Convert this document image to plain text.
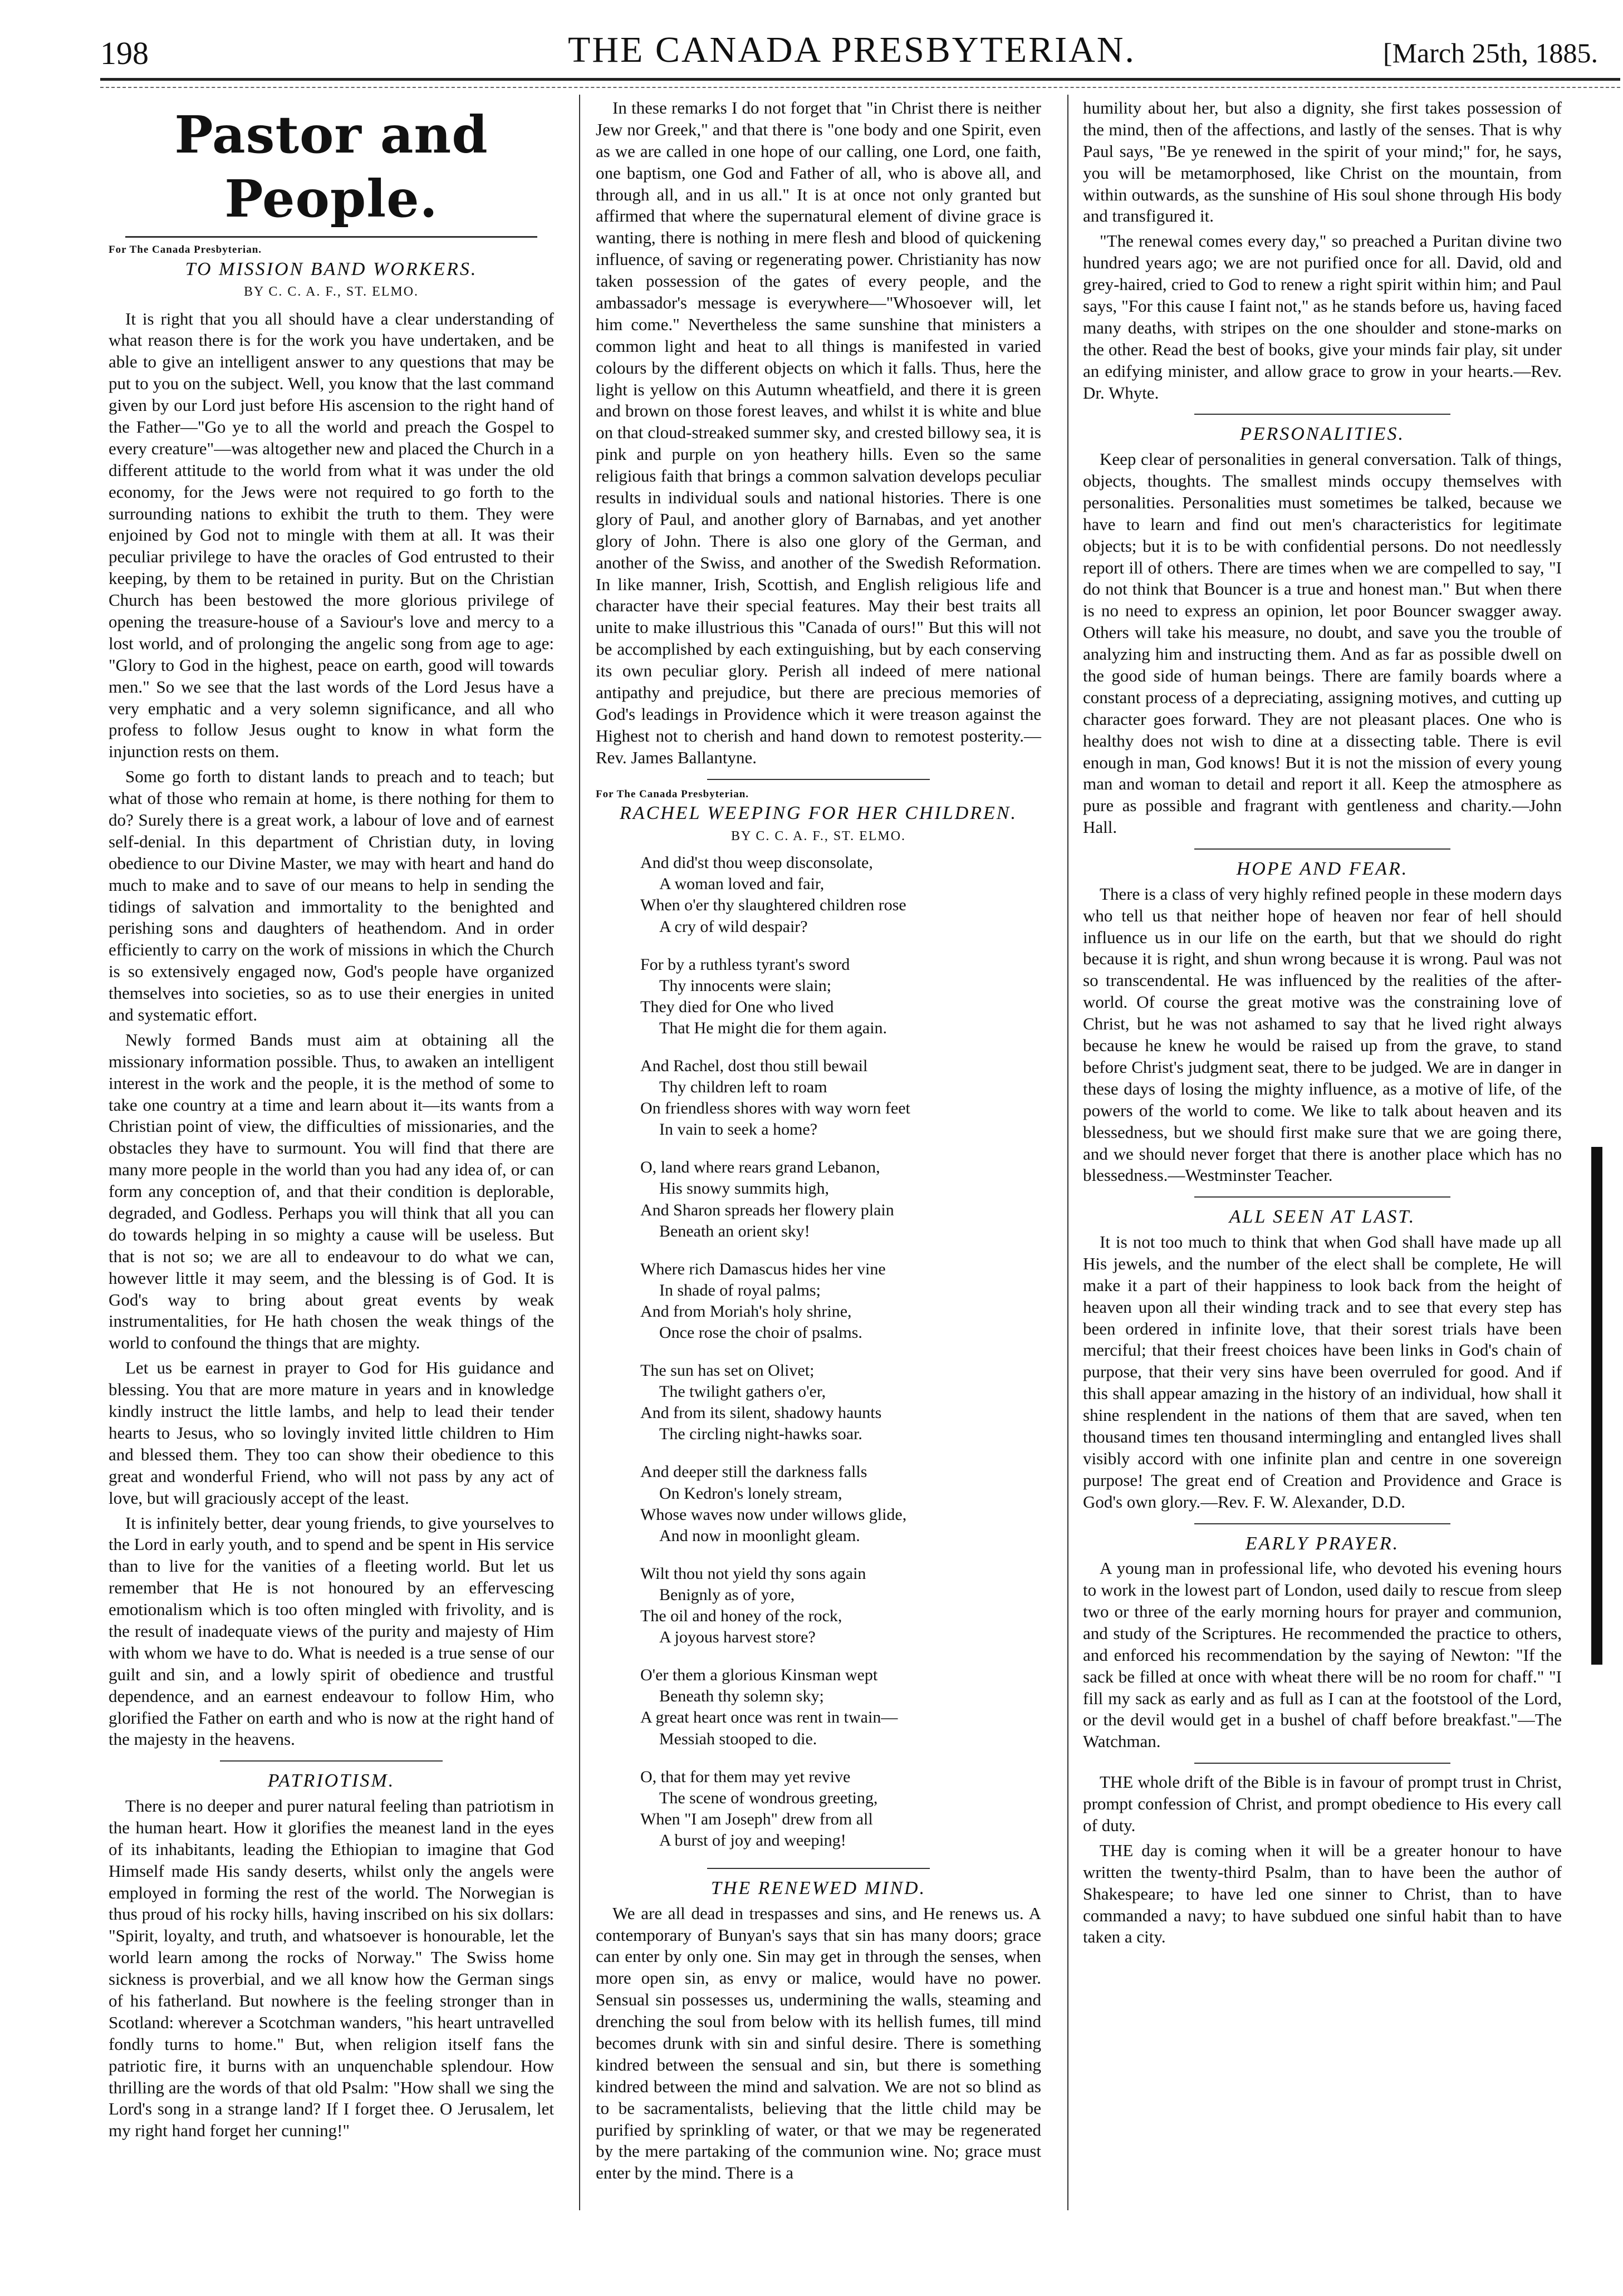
198	THE CANADA PRESBYTERIAN.	[March 25th, 1885.
Pastor and People.
For The Canada Presbyterian.
TO MISSION BAND WORKERS.
BY C. C. A. F., ST. ELMO.

It is right that you all should have a clear understanding of what reason there is for the work you have undertaken, and be able to give an intelligent answer to any questions that may be put to you on the subject. Well, you know that the last command given by our Lord just before His ascension to the right hand of the Father—"Go ye to all the world and preach the Gospel to every creature"—was altogether new and placed the Church in a different attitude to the world from what it was under the old economy, for the Jews were not required to go forth to the surrounding nations to exhibit the truth to them. They were enjoined by God not to mingle with them at all. It was their peculiar privilege to have the oracles of God entrusted to their keeping, by them to be retained in purity. But on the Christian Church has been bestowed the more glorious privilege of opening the treasure-house of a Saviour's love and mercy to a lost world, and of prolonging the angelic song from age to age: "Glory to God in the highest, peace on earth, good will towards men." So we see that the last words of the Lord Jesus have a very emphatic and a very solemn significance, and all who profess to follow Jesus ought to know in what form the injunction rests on them.

Some go forth to distant lands to preach and to teach; but what of those who remain at home, is there nothing for them to do? Surely there is a great work, a labour of love and of earnest self-denial. In this department of Christian duty, in loving obedience to our Divine Master, we may with heart and hand do much to make and to save of our means to help in sending the tidings of salvation and immortality to the benighted and perishing sons and daughters of heathendom. And in order efficiently to carry on the work of missions in which the Church is so extensively engaged now, God's people have organized themselves into societies, so as to use their energies in united and systematic effort.

Newly formed Bands must aim at obtaining all the missionary information possible. Thus, to awaken an intelligent interest in the work and the people, it is the method of some to take one country at a time and learn about it—its wants from a Christian point of view, the difficulties of missionaries, and the obstacles they have to surmount. You will find that there are many more people in the world than you had any idea of, or can form any conception of, and that their condition is deplorable, degraded, and Godless. Perhaps you will think that all you can do towards helping in so mighty a cause will be useless. But that is not so; we are all to endeavour to do what we can, however little it may seem, and the blessing is of God. It is God's way to bring about great events by weak instrumentalities, for He hath chosen the weak things of the world to confound the things that are mighty.

Let us be earnest in prayer to God for His guidance and blessing. You that are more mature in years and in knowledge kindly instruct the little lambs, and help to lead their tender hearts to Jesus, who so lovingly invited little children to Him and blessed them. They too can show their obedience to this great and wonderful Friend, who will not pass by any act of love, but will graciously accept of the least.

It is infinitely better, dear young friends, to give yourselves to the Lord in early youth, and to spend and be spent in His service than to live for the vanities of a fleeting world. But let us remember that He is not honoured by an effervescing emotionalism which is too often mingled with frivolity, and is the result of inadequate views of the purity and majesty of Him with whom we have to do. What is needed is a true sense of our guilt and sin, and a lowly spirit of obedience and trustful dependence, and an earnest endeavour to follow Him, who glorified the Father on earth and who is now at the right hand of the majesty in the heavens.

PATRIOTISM.

There is no deeper and purer natural feeling than patriotism in the human heart. How it glorifies the meanest land in the eyes of its inhabitants, leading the Ethiopian to imagine that God Himself made His sandy deserts, whilst only the angels were employed in forming the rest of the world. The Norwegian is thus proud of his rocky hills, having inscribed on his six dollars: "Spirit, loyalty, and truth, and whatsoever is honourable, let the world learn among the rocks of Norway." The Swiss home sickness is proverbial, and we all know how the German sings of his fatherland. But nowhere is the feeling stronger than in Scotland: wherever a Scotchman wanders, "his heart untravelled fondly turns to home." But, when religion itself fans the patriotic fire, it burns with an unquenchable splendour. How thrilling are the words of that old Psalm: "How shall we sing the Lord's song in a strange land? If I forget thee. O Jerusalem, let my right hand forget her cunning!"

In these remarks I do not forget that "in Christ there is neither Jew nor Greek," and that there is "one body and one Spirit, even as we are called in one hope of our calling, one Lord, one faith, one baptism, one God and Father of all, who is above all, and through all, and in us all." It is at once not only granted but affirmed that where the supernatural element of divine grace is wanting, there is nothing in mere flesh and blood of quickening influence, of saving or regenerating power. Christianity has now taken possession of the gates of every people, and the ambassador's message is everywhere—"Whosoever will, let him come." Nevertheless the same sunshine that ministers a common light and heat to all things is manifested in varied colours by the different objects on which it falls. Thus, here the light is yellow on this Autumn wheatfield, and there it is green and brown on those forest leaves, and whilst it is white and blue on that cloud-streaked summer sky, and crested billowy sea, it is pink and purple on yon heathery hills. Even so the same religious faith that brings a common salvation develops peculiar results in individual souls and national histories. There is one glory of Paul, and another glory of Barnabas, and yet another glory of John. There is also one glory of the German, and another of the Swiss, and another of the Swedish Reformation. In like manner, Irish, Scottish, and English religious life and character have their special features. May their best traits all unite to make illustrious this "Canada of ours!" But this will not be accomplished by each extinguishing, but by each conserving its own peculiar glory. Perish all indeed of mere national antipathy and prejudice, but there are precious memories of God's leadings in Providence which it were treason against the Highest not to cherish and hand down to remotest posterity.—Rev. James Ballantyne.

For The Canada Presbyterian.
RACHEL WEEPING FOR HER CHILDREN.
BY C. C. A. F., ST. ELMO.
And did'st thou weep disconsolate,
A woman loved and fair,
When o'er thy slaughtered children rose
A cry of wild despair?
For by a ruthless tyrant's sword
Thy innocents were slain;
They died for One who lived
That He might die for them again.
And Rachel, dost thou still bewail
Thy children left to roam
On friendless shores with way worn feet
In vain to seek a home?
O, land where rears grand Lebanon,
His snowy summits high,
And Sharon spreads her flowery plain
Beneath an orient sky!
Where rich Damascus hides her vine
In shade of royal palms;
And from Moriah's holy shrine,
Once rose the choir of psalms.
The sun has set on Olivet;
The twilight gathers o'er,
And from its silent, shadowy haunts
The circling night-hawks soar.
And deeper still the darkness falls
On Kedron's lonely stream,
Whose waves now under willows glide,
And now in moonlight gleam.
Wilt thou not yield thy sons again
Benignly as of yore,
The oil and honey of the rock,
A joyous harvest store?
O'er them a glorious Kinsman wept
Beneath thy solemn sky;
A great heart once was rent in twain—
Messiah stooped to die.
O, that for them may yet revive
The scene of wondrous greeting,
When "I am Joseph" drew from all
A burst of joy and weeping!
THE RENEWED MIND.

We are all dead in trespasses and sins, and He renews us. A contemporary of Bunyan's says that sin has many doors; grace can enter by only one. Sin may get in through the senses, when more open sin, as envy or malice, would have no power. Sensual sin possesses us, undermining the walls, steaming and drenching the soul from below with its hellish fumes, till mind becomes drunk with sin and sinful desire. There is something kindred between the sensual and sin, but there is something kindred between the mind and salvation. We are not so blind as to be sacramentalists, believing that the little child may be purified by sprinkling of water, or that we may be regenerated by the mere partaking of the communion wine. No; grace must enter by the mind. There is a

humility about her, but also a dignity, she first takes possession of the mind, then of the affections, and lastly of the senses. That is why Paul says, "Be ye renewed in the spirit of your mind;" for, he says, you will be metamorphosed, like Christ on the mountain, from within outwards, as the sunshine of His soul shone through His body and transfigured it.

"The renewal comes every day," so preached a Puritan divine two hundred years ago; we are not purified once for all. David, old and grey-haired, cried to God to renew a right spirit within him; and Paul says, "For this cause I faint not," as he stands before us, having faced many deaths, with stripes on the one shoulder and stone-marks on the other. Read the best of books, give your minds fair play, sit under an edifying minister, and allow grace to grow in your hearts.—Rev. Dr. Whyte.

PERSONALITIES.

Keep clear of personalities in general conversation. Talk of things, objects, thoughts. The smallest minds occupy themselves with personalities. Personalities must sometimes be talked, because we have to learn and find out men's characteristics for legitimate objects; but it is to be with confidential persons. Do not needlessly report ill of others. There are times when we are compelled to say, "I do not think that Bouncer is a true and honest man." But when there is no need to express an opinion, let poor Bouncer swagger away. Others will take his measure, no doubt, and save you the trouble of analyzing him and instructing them. And as far as possible dwell on the good side of human beings. There are family boards where a constant process of a depreciating, assigning motives, and cutting up character goes forward. They are not pleasant places. One who is healthy does not wish to dine at a dissecting table. There is evil enough in man, God knows! But it is not the mission of every young man and woman to detail and report it all. Keep the atmosphere as pure as possible and fragrant with gentleness and charity.—John Hall.

HOPE AND FEAR.

There is a class of very highly refined people in these modern days who tell us that neither hope of heaven nor fear of hell should influence us in our life on the earth, but that we should do right because it is right, and shun wrong because it is wrong. Paul was not so transcendental. He was influenced by the realities of the after-world. Of course the great motive was the constraining love of Christ, but he was not ashamed to say that he lived right always because he knew he would be raised up from the grave, to stand before Christ's judgment seat, there to be judged. We are in danger in these days of losing the mighty influence, as a motive of life, of the powers of the world to come. We like to talk about heaven and its blessedness, but we should first make sure that we are going there, and we should never forget that there is another place which has no blessedness.—Westminster Teacher.

ALL SEEN AT LAST.

It is not too much to think that when God shall have made up all His jewels, and the number of the elect shall be complete, He will make it a part of their happiness to look back from the height of heaven upon all their winding track and to see that every step has been ordered in infinite love, that their sorest trials have been merciful; that their freest choices have been links in God's chain of purpose, that their very sins have been overruled for good. And if this shall appear amazing in the history of an individual, how shall it shine resplendent in the nations of them that are saved, when ten thousand times ten thousand intermingling and entangled lives shall visibly accord with one infinite plan and centre in one sovereign purpose! The great end of Creation and Providence and Grace is God's own glory.—Rev. F. W. Alexander, D.D.

EARLY PRAYER.

A young man in professional life, who devoted his evening hours to work in the lowest part of London, used daily to rescue from sleep two or three of the early morning hours for prayer and communion, and study of the Scriptures. He recommended the practice to others, and enforced his recommendation by the saying of Newton: "If the sack be filled at once with wheat there will be no room for chaff." "I fill my sack as early and as full as I can at the footstool of the Lord, or the devil would get in a bushel of chaff before breakfast."—The Watchman.

THE whole drift of the Bible is in favour of prompt trust in Christ, prompt confession of Christ, and prompt obedience to His every call of duty.

THE day is coming when it will be a greater honour to have written the twenty-third Psalm, than to have been the author of Shakespeare; to have led one sinner to Christ, than to have commanded a navy; to have subdued one sinful habit than to have taken a city.
